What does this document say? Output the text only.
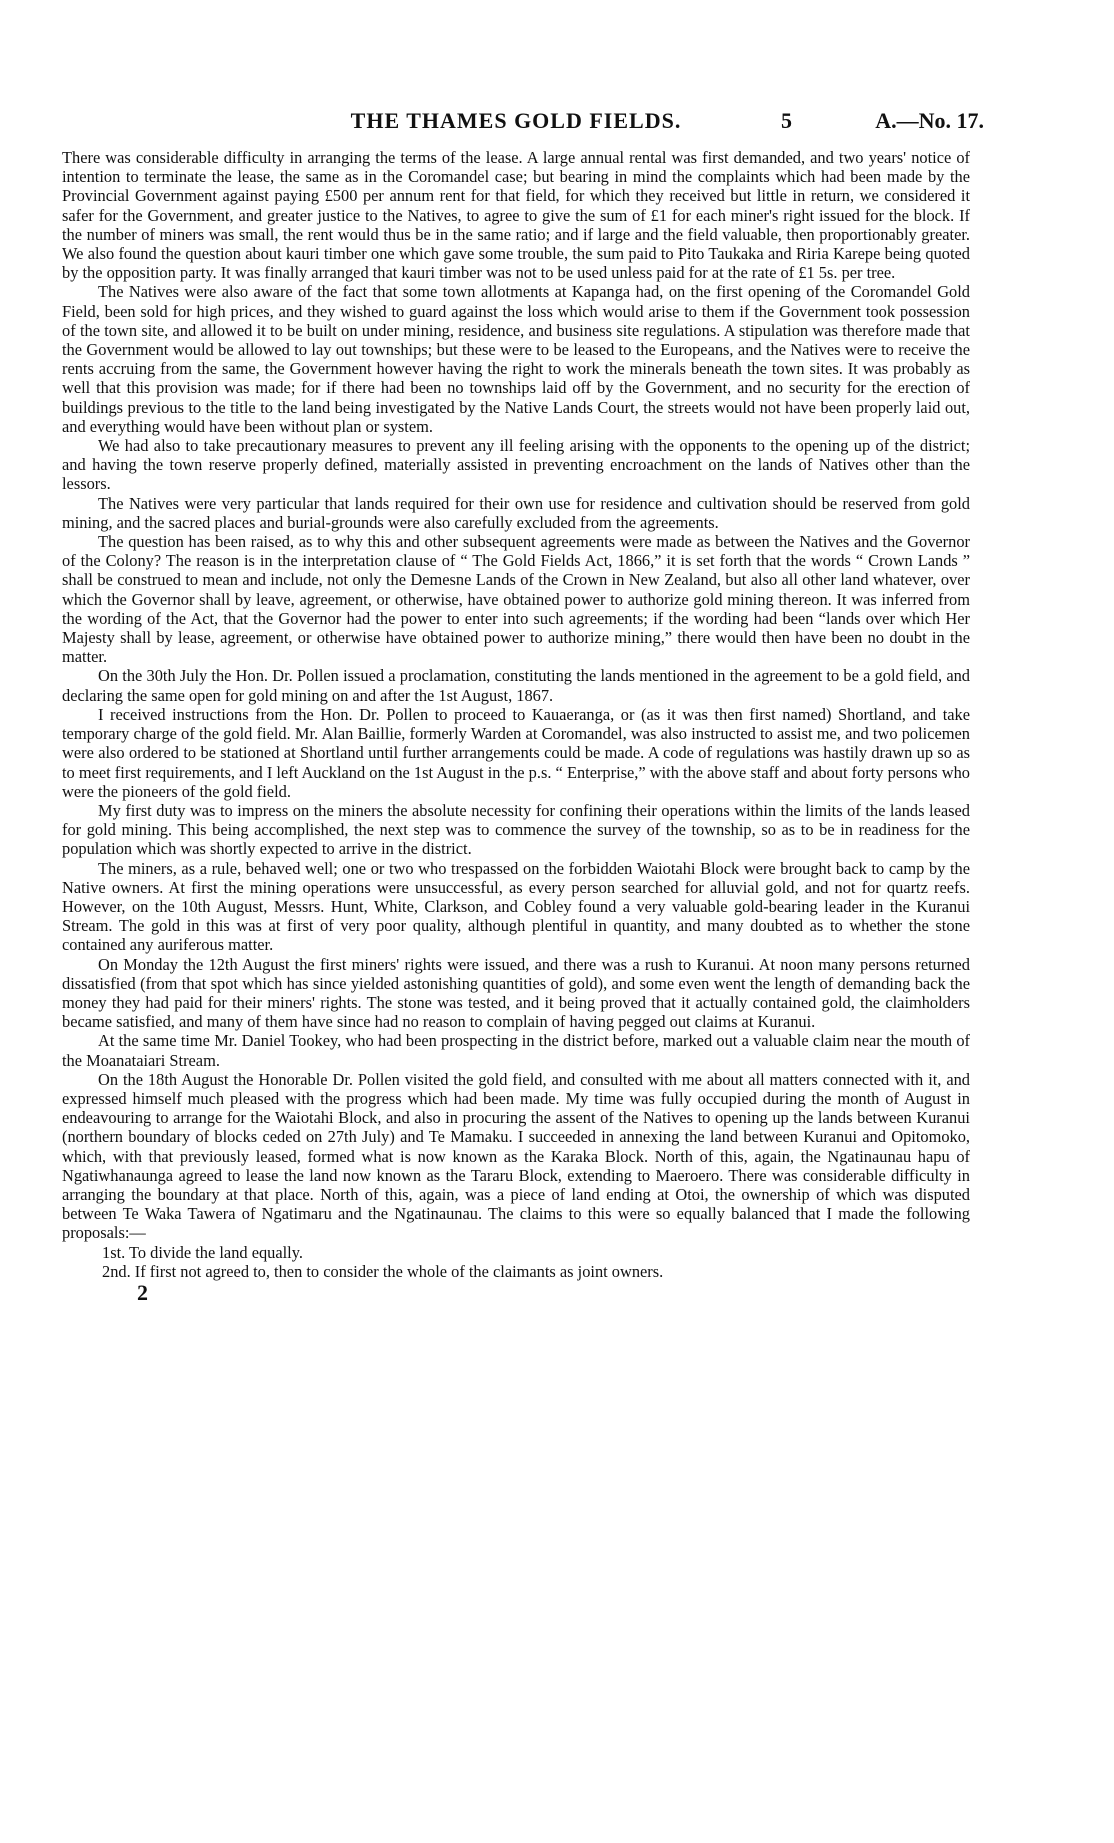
THE THAMES GOLD FIELDS.	5	A.—No. 17.

There was considerable difficulty in arranging the terms of the lease. A large annual rental was first demanded, and two years' notice of intention to terminate the lease, the same as in the Coromandel case; but bearing in mind the complaints which had been made by the Provincial Government against paying £500 per annum rent for that field, for which they received but little in return, we considered it safer for the Government, and greater justice to the Natives, to agree to give the sum of £1 for each miner's right issued for the block. If the number of miners was small, the rent would thus be in the same ratio; and if large and the field valuable, then proportionably greater. We also found the question about kauri timber one which gave some trouble, the sum paid to Pito Taukaka and Riria Karepe being quoted by the opposition party. It was finally arranged that kauri timber was not to be used unless paid for at the rate of £1 5s. per tree.

The Natives were also aware of the fact that some town allotments at Kapanga had, on the first opening of the Coromandel Gold Field, been sold for high prices, and they wished to guard against the loss which would arise to them if the Government took possession of the town site, and allowed it to be built on under mining, residence, and business site regulations. A stipulation was therefore made that the Government would be allowed to lay out townships; but these were to be leased to the Europeans, and the Natives were to receive the rents accruing from the same, the Government however having the right to work the minerals beneath the town sites. It was probably as well that this provision was made; for if there had been no townships laid off by the Government, and no security for the erection of buildings previous to the title to the land being investigated by the Native Lands Court, the streets would not have been properly laid out, and everything would have been without plan or system.

We had also to take precautionary measures to prevent any ill feeling arising with the opponents to the opening up of the district; and having the town reserve properly defined, materially assisted in preventing encroachment on the lands of Natives other than the lessors.

The Natives were very particular that lands required for their own use for residence and cultivation should be reserved from gold mining, and the sacred places and burial-grounds were also carefully excluded from the agreements.

The question has been raised, as to why this and other subsequent agreements were made as between the Natives and the Governor of the Colony? The reason is in the interpretation clause of “ The Gold Fields Act, 1866,” it is set forth that the words “ Crown Lands ” shall be construed to mean and include, not only the Demesne Lands of the Crown in New Zealand, but also all other land whatever, over which the Governor shall by leave, agreement, or otherwise, have obtained power to authorize gold mining thereon. It was inferred from the wording of the Act, that the Governor had the power to enter into such agreements; if the wording had been “lands over which Her Majesty shall by lease, agreement, or otherwise have obtained power to authorize mining,” there would then have been no doubt in the matter.

On the 30th July the Hon. Dr. Pollen issued a proclamation, constituting the lands mentioned in the agreement to be a gold field, and declaring the same open for gold mining on and after the 1st August, 1867.

I received instructions from the Hon. Dr. Pollen to proceed to Kauaeranga, or (as it was then first named) Shortland, and take temporary charge of the gold field. Mr. Alan Baillie, formerly Warden at Coromandel, was also instructed to assist me, and two policemen were also ordered to be stationed at Shortland until further arrangements could be made. A code of regulations was hastily drawn up so as to meet first requirements, and I left Auckland on the 1st August in the p.s. “ Enterprise,” with the above staff and about forty persons who were the pioneers of the gold field.

My first duty was to impress on the miners the absolute necessity for confining their operations within the limits of the lands leased for gold mining. This being accomplished, the next step was to commence the survey of the township, so as to be in readiness for the population which was shortly expected to arrive in the district.

The miners, as a rule, behaved well; one or two who trespassed on the forbidden Waiotahi Block were brought back to camp by the Native owners. At first the mining operations were unsuccessful, as every person searched for alluvial gold, and not for quartz reefs. However, on the 10th August, Messrs. Hunt, White, Clarkson, and Cobley found a very valuable gold-bearing leader in the Kuranui Stream. The gold in this was at first of very poor quality, although plentiful in quantity, and many doubted as to whether the stone contained any auriferous matter.

On Monday the 12th August the first miners' rights were issued, and there was a rush to Kuranui. At noon many persons returned dissatisfied (from that spot which has since yielded astonishing quantities of gold), and some even went the length of demanding back the money they had paid for their miners' rights. The stone was tested, and it being proved that it actually contained gold, the claimholders became satisfied, and many of them have since had no reason to complain of having pegged out claims at Kuranui.

At the same time Mr. Daniel Tookey, who had been prospecting in the district before, marked out a valuable claim near the mouth of the Moanataiari Stream.

On the 18th August the Honorable Dr. Pollen visited the gold field, and consulted with me about all matters connected with it, and expressed himself much pleased with the progress which had been made. My time was fully occupied during the month of August in endeavouring to arrange for the Waiotahi Block, and also in procuring the assent of the Natives to opening up the lands between Kuranui (northern boundary of blocks ceded on 27th July) and Te Mamaku. I succeeded in annexing the land between Kuranui and Opitomoko, which, with that previously leased, formed what is now known as the Karaka Block. North of this, again, the Ngatinaunau hapu of Ngatiwhanaunga agreed to lease the land now known as the Tararu Block, extending to Maeroero. There was considerable difficulty in arranging the boundary at that place. North of this, again, was a piece of land ending at Otoi, the ownership of which was disputed between Te Waka Tawera of Ngatimaru and the Ngatinaunau. The claims to this were so equally balanced that I made the following proposals:—

1st. To divide the land equally.

2nd. If first not agreed to, then to consider the whole of the claimants as joint owners.

2
